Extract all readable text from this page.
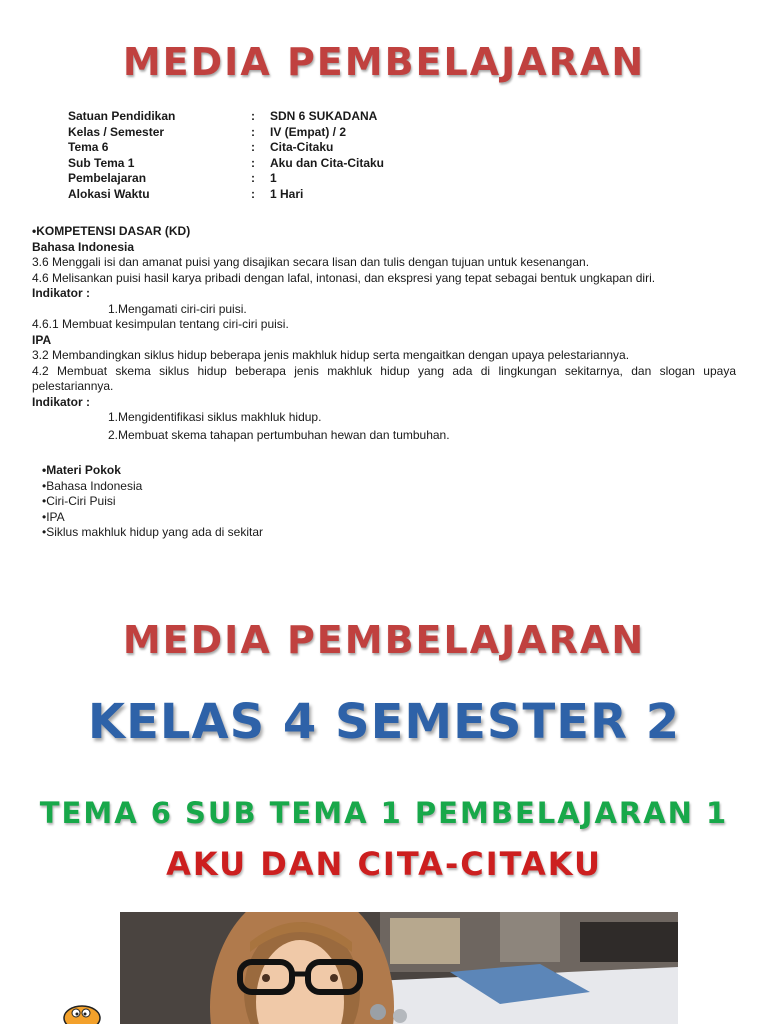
MEDIA PEMBELAJARAN
Satuan Pendidikan	: SDN 6 SUKADANA
Kelas / Semester	: IV (Empat) / 2
Tema 6	: Cita-Citaku
Sub Tema 1	: Aku dan Cita-Citaku
Pembelajaran	: 1
Alokasi Waktu	: 1 Hari

•KOMPETENSI DASAR (KD)

Bahasa Indonesia

3.6 Menggali isi dan amanat puisi yang disajikan secara lisan dan tulis dengan tujuan untuk kesenangan.

4.6 Melisankan puisi hasil karya pribadi dengan lafal, intonasi, dan ekspresi yang tepat sebagai bentuk ungkapan diri.

Indikator :

1.Mengamati ciri-ciri puisi.

4.6.1 Membuat kesimpulan tentang ciri-ciri puisi.

IPA

3.2 Membandingkan siklus hidup beberapa jenis makhluk hidup serta mengaitkan dengan upaya pelestariannya.

4.2 Membuat skema siklus hidup beberapa jenis makhluk hidup yang ada di lingkungan sekitarnya, dan slogan upaya pelestariannya.

Indikator :

1.Mengidentifikasi siklus makhluk hidup.

2.Membuat skema tahapan pertumbuhan hewan dan tumbuhan.

•Materi Pokok

•Bahasa Indonesia

•Ciri-Ciri Puisi

•IPA

•Siklus makhluk hidup yang ada di sekitar

MEDIA PEMBELAJARAN
KELAS 4 SEMESTER 2
TEMA 6 SUB TEMA 1 PEMBELAJARAN 1
AKU DAN CITA-CITAKU
